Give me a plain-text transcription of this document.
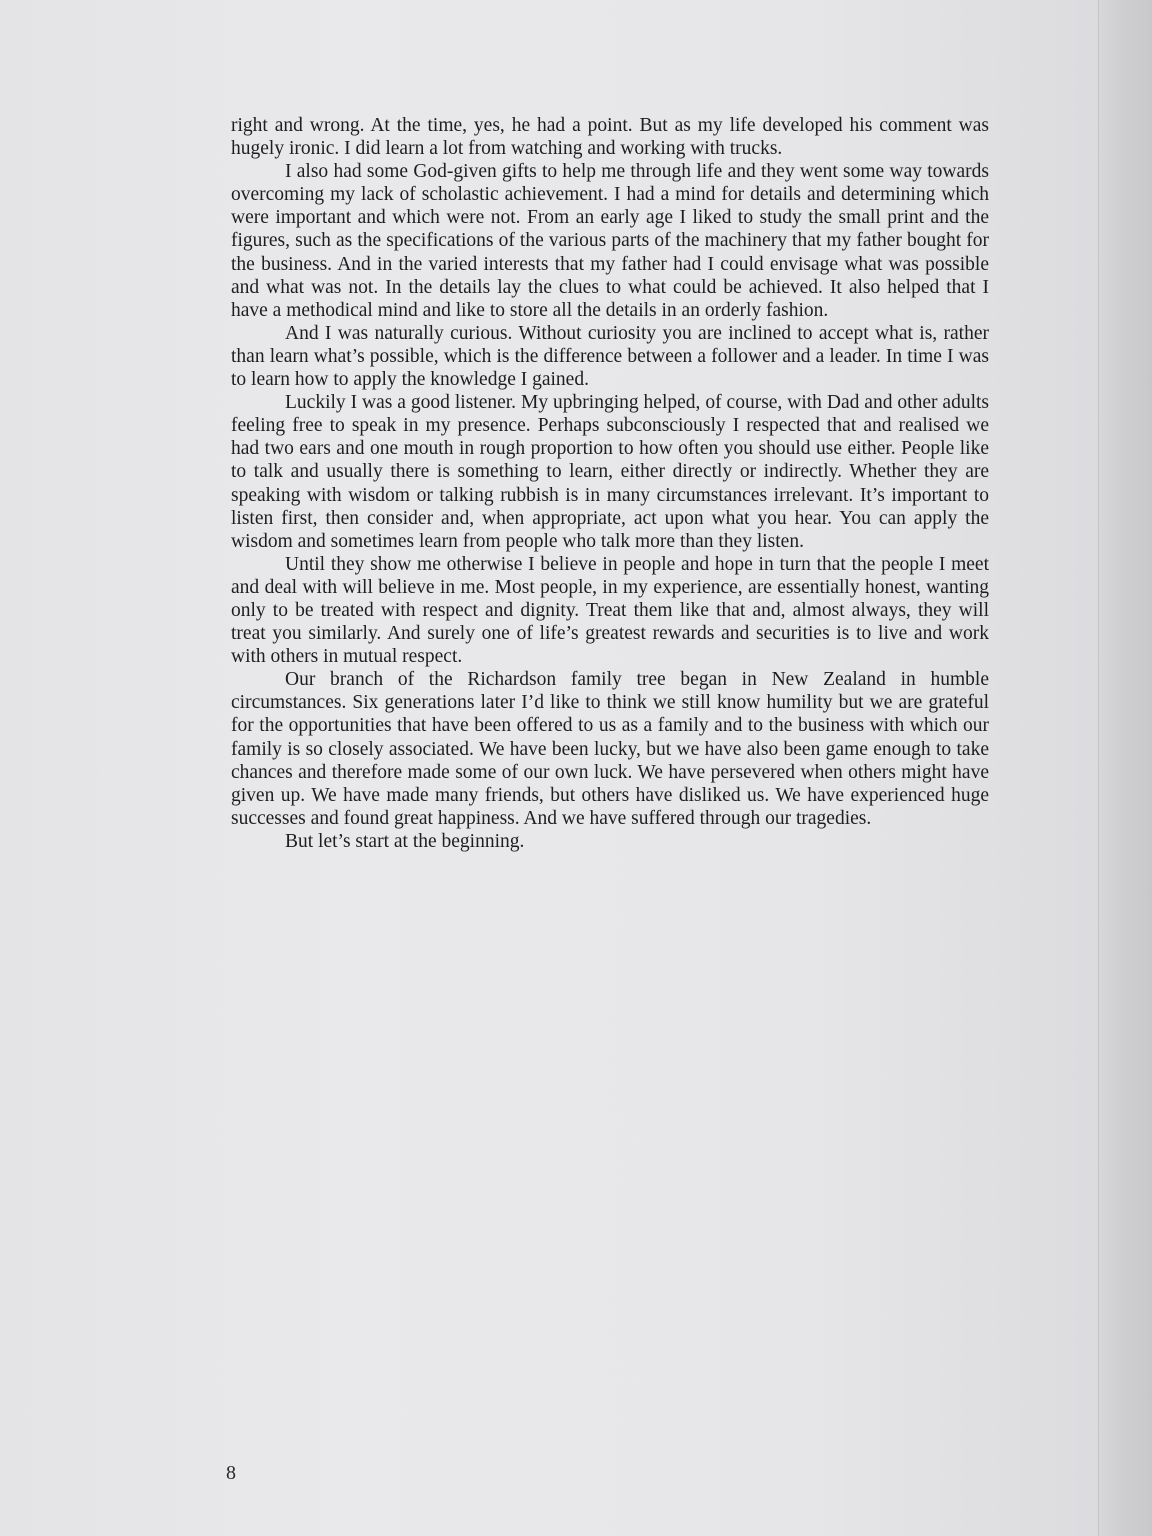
right and wrong. At the time, yes, he had a point. But as my life developed his comment was hugely ironic. I did learn a lot from watching and working with trucks.

I also had some God-given gifts to help me through life and they went some way towards overcoming my lack of scholastic achievement. I had a mind for details and determining which were important and which were not. From an early age I liked to study the small print and the figures, such as the specifications of the various parts of the machinery that my father bought for the business. And in the varied interests that my father had I could envisage what was possible and what was not. In the details lay the clues to what could be achieved. It also helped that I have a methodical mind and like to store all the details in an orderly fashion.

And I was naturally curious. Without curiosity you are inclined to accept what is, rather than learn what’s possible, which is the difference between a follower and a leader. In time I was to learn how to apply the knowledge I gained.

Luckily I was a good listener. My upbringing helped, of course, with Dad and other adults feeling free to speak in my presence. Perhaps subconsciously I respected that and realised we had two ears and one mouth in rough proportion to how often you should use either. People like to talk and usually there is something to learn, either directly or indirectly. Whether they are speaking with wisdom or talking rubbish is in many circumstances irrelevant. It’s important to listen first, then consider and, when appropriate, act upon what you hear. You can apply the wisdom and sometimes learn from people who talk more than they listen.

Until they show me otherwise I believe in people and hope in turn that the people I meet and deal with will believe in me. Most people, in my experience, are essentially honest, wanting only to be treated with respect and dignity. Treat them like that and, almost always, they will treat you similarly. And surely one of life’s greatest rewards and securities is to live and work with others in mutual respect.

Our branch of the Richardson family tree began in New Zealand in humble circumstances. Six generations later I’d like to think we still know humility but we are grateful for the opportunities that have been offered to us as a family and to the business with which our family is so closely associated. We have been lucky, but we have also been game enough to take chances and therefore made some of our own luck. We have persevered when others might have given up. We have made many friends, but others have disliked us. We have experienced huge successes and found great happiness. And we have suffered through our tragedies.

But let’s start at the beginning.

8
